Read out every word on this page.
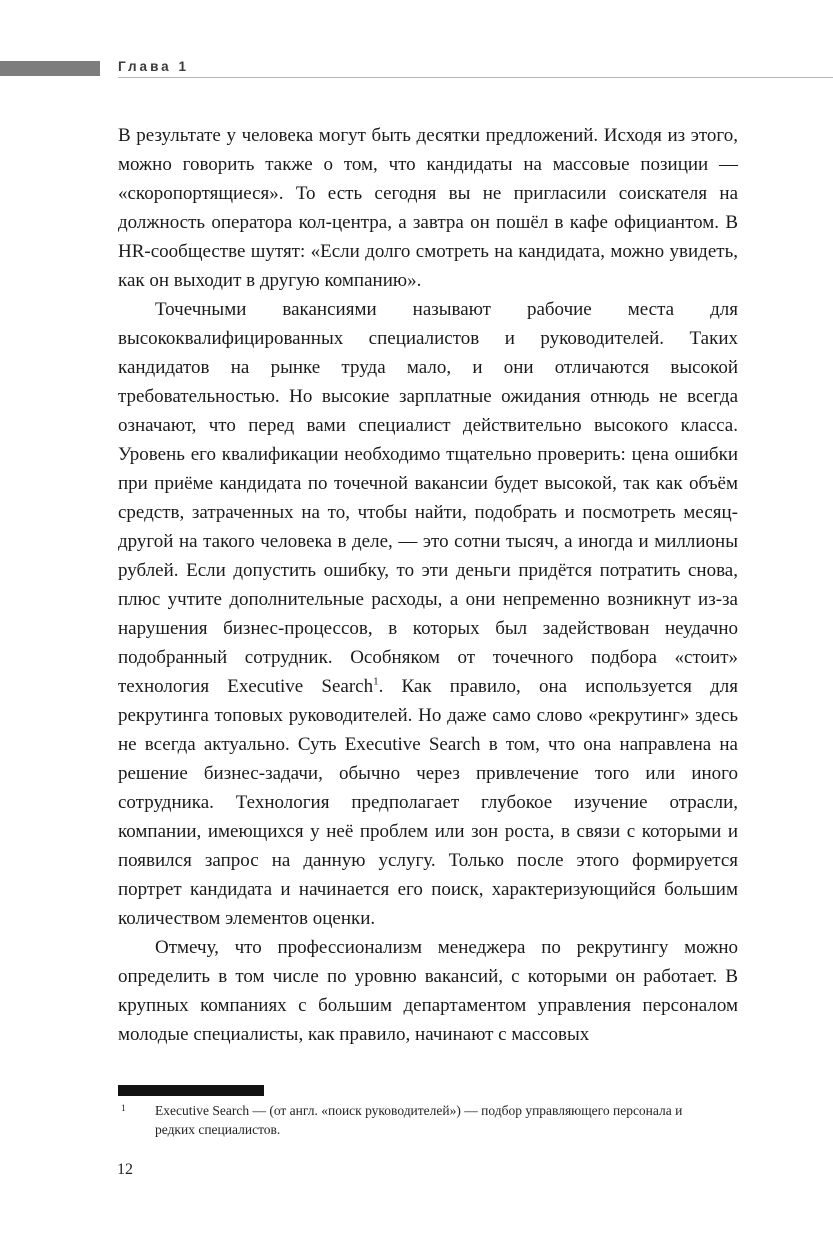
Глава 1

В результате у человека могут быть десятки предложений. Исходя из этого, можно говорить также о том, что кандидаты на массовые позиции — «скоропортящиеся». То есть сегодня вы не пригласили соискателя на должность оператора кол-центра, а завтра он пошёл в кафе официантом. В HR-сообществе шутят: «Если долго смотреть на кандидата, можно увидеть, как он выходит в другую компанию».

Точечными вакансиями называют рабочие места для высококвалифицированных специалистов и руководителей. Таких кандидатов на рынке труда мало, и они отличаются высокой требовательностью. Но высокие зарплатные ожидания отнюдь не всегда означают, что перед вами специалист действительно высокого класса. Уровень его квалификации необходимо тщательно проверить: цена ошибки при приёме кандидата по точечной вакансии будет высокой, так как объём средств, затраченных на то, чтобы найти, подобрать и посмотреть месяц-другой на такого человека в деле, — это сотни тысяч, а иногда и миллионы рублей. Если допустить ошибку, то эти деньги придётся потратить снова, плюс учтите дополнительные расходы, а они непременно возникнут из-за нарушения бизнес-процессов, в которых был задействован неудачно подобранный сотрудник. Особняком от точечного подбора «стоит» технология Executive Search$^1$. Как правило, она используется для рекрутинга топовых руководителей. Но даже само слово «рекрутинг» здесь не всегда актуально. Суть Executive Search в том, что она направлена на решение бизнес-задачи, обычно через привлечение того или иного сотрудника. Технология предполагает глубокое изучение отрасли, компании, имеющихся у неё проблем или зон роста, в связи с которыми и появился запрос на данную услугу. Только после этого формируется портрет кандидата и начинается его поиск, характеризующийся большим количеством элементов оценки.

Отмечу, что профессионализм менеджера по рекрутингу можно определить в том числе по уровню вакансий, с которыми он работает. В крупных компаниях с большим департаментом управления персоналом молодые специалисты, как правило, начинают с массовых

1 Executive Search — (от англ. «поиск руководителей») — подбор управляющего персонала и редких специалистов.
12
